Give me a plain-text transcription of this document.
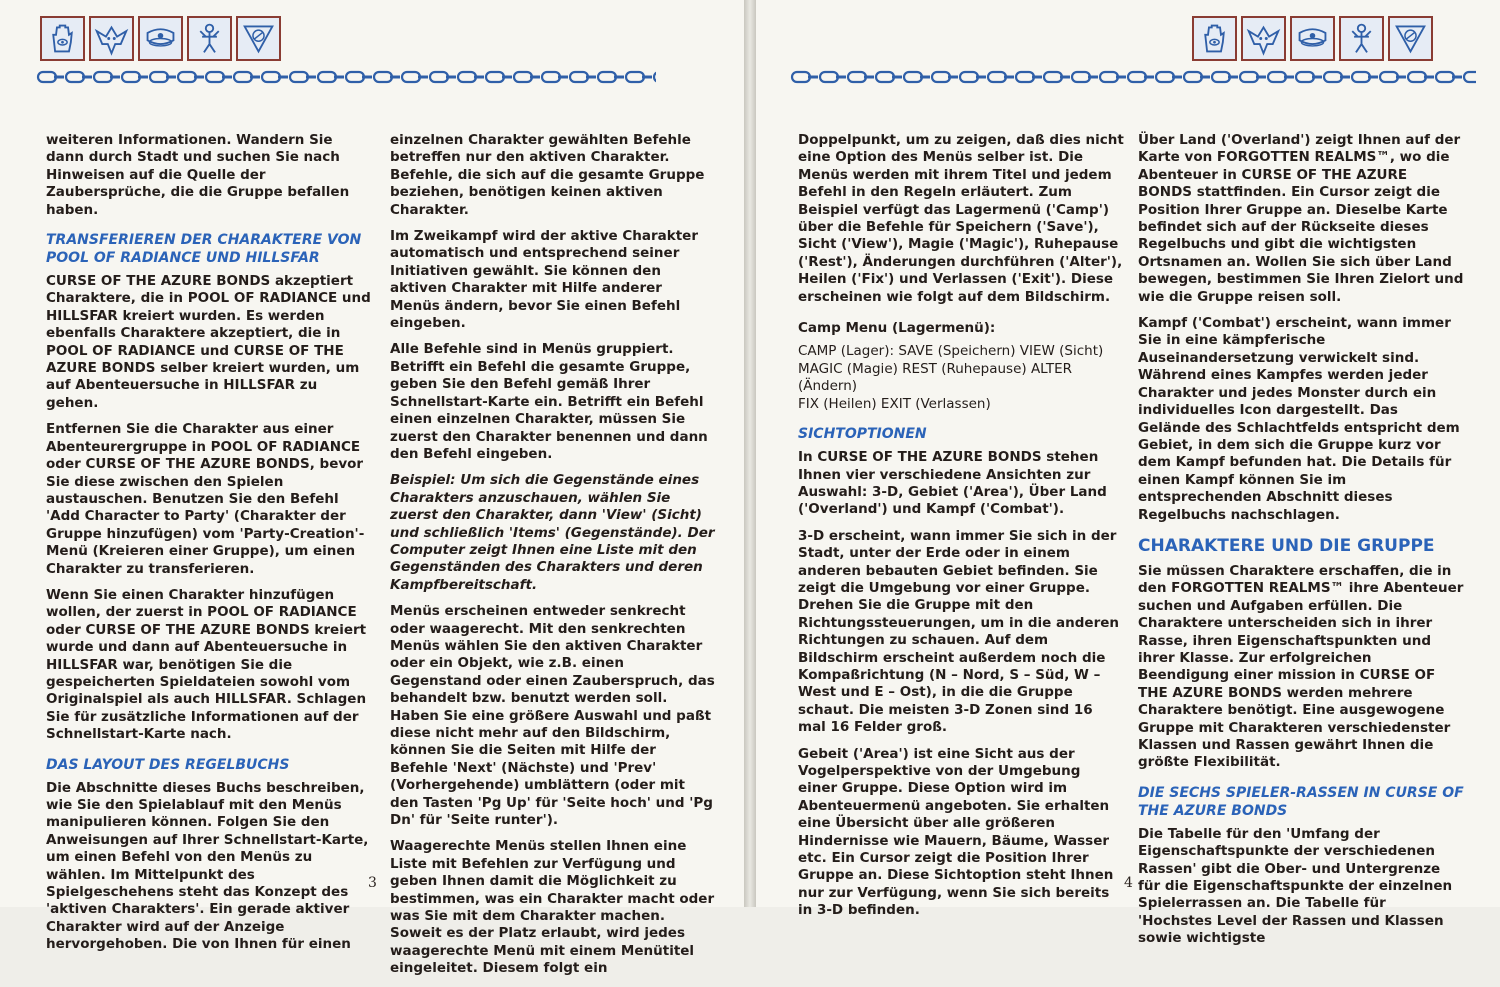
weiteren Informationen. Wandern Sie dann durch Stadt und suchen Sie nach Hinweisen auf die Quelle der Zaubersprüche, die die Gruppe befallen haben.

TRANSFERIEREN DER CHARAKTERE VON POOL OF RADIANCE UND HILLSFAR

CURSE OF THE AZURE BONDS akzeptiert Charaktere, die in POOL OF RADIANCE und HILLSFAR kreiert wurden. Es werden ebenfalls Charaktere akzeptiert, die in POOL OF RADIANCE und CURSE OF THE AZURE BONDS selber kreiert wurden, um auf Abenteuersuche in HILLSFAR zu gehen.

Entfernen Sie die Charakter aus einer Abenteurergruppe in POOL OF RADIANCE oder CURSE OF THE AZURE BONDS, bevor Sie diese zwischen den Spielen austauschen. Benutzen Sie den Befehl 'Add Character to Party' (Charakter der Gruppe hinzufügen) vom 'Party-Creation'-Menü (Kreieren einer Gruppe), um einen Charakter zu transferieren.

Wenn Sie einen Charakter hinzufügen wollen, der zuerst in POOL OF RADIANCE oder CURSE OF THE AZURE BONDS kreiert wurde und dann auf Abenteuersuche in HILLSFAR war, benötigen Sie die gespeicherten Spieldateien sowohl vom Originalspiel als auch HILLSFAR. Schlagen Sie für zusätzliche Informationen auf der Schnellstart-Karte nach.

DAS LAYOUT DES REGELBUCHS

Die Abschnitte dieses Buchs beschreiben, wie Sie den Spielablauf mit den Menüs manipulieren können. Folgen Sie den Anweisungen auf Ihrer Schnellstart-Karte, um einen Befehl von den Menüs zu wählen. Im Mittelpunkt des Spielgeschehens steht das Konzept des 'aktiven Charakters'. Ein gerade aktiver Charakter wird auf der Anzeige hervorgehoben. Die von Ihnen für einen

einzelnen Charakter gewählten Befehle betreffen nur den aktiven Charakter. Befehle, die sich auf die gesamte Gruppe beziehen, benötigen keinen aktiven Charakter.

Im Zweikampf wird der aktive Charakter automatisch und entsprechend seiner Initiativen gewählt. Sie können den aktiven Charakter mit Hilfe anderer Menüs ändern, bevor Sie einen Befehl eingeben.

Alle Befehle sind in Menüs gruppiert. Betrifft ein Befehl die gesamte Gruppe, geben Sie den Befehl gemäß Ihrer Schnellstart-Karte ein. Betrifft ein Befehl einen einzelnen Charakter, müssen Sie zuerst den Charakter benennen und dann den Befehl eingeben.

Beispiel: Um sich die Gegenstände eines Charakters anzuschauen, wählen Sie zuerst den Charakter, dann 'View' (Sicht) und schließlich 'Items' (Gegenstände). Der Computer zeigt Ihnen eine Liste mit den Gegenständen des Charakters und deren Kampfbereitschaft.

Menüs erscheinen entweder senkrecht oder waagerecht. Mit den senkrechten Menüs wählen Sie den aktiven Charakter oder ein Objekt, wie z.B. einen Gegenstand oder einen Zauberspruch, das behandelt bzw. benutzt werden soll. Haben Sie eine größere Auswahl und paßt diese nicht mehr auf den Bildschirm, können Sie die Seiten mit Hilfe der Befehle 'Next' (Nächste) und 'Prev' (Vorhergehende) umblättern (oder mit den Tasten 'Pg Up' für 'Seite hoch' und 'Pg Dn' für 'Seite runter').

Waagerechte Menüs stellen Ihnen eine Liste mit Befehlen zur Verfügung und geben Ihnen damit die Möglichkeit zu bestimmen, was ein Charakter macht oder was Sie mit dem Charakter machen. Soweit es der Platz erlaubt, wird jedes waagerechte Menü mit einem Menütitel eingeleitet. Diesem folgt ein

3

Doppelpunkt, um zu zeigen, daß dies nicht eine Option des Menüs selber ist. Die Menüs werden mit ihrem Titel und jedem Befehl in den Regeln erläutert. Zum Beispiel verfügt das Lagermenü ('Camp') über die Befehle für Speichern ('Save'), Sicht ('View'), Magie ('Magic'), Ruhepause ('Rest'), Änderungen durchführen ('Alter'), Heilen ('Fix') und Verlassen ('Exit'). Diese erscheinen wie folgt auf dem Bildschirm.

Camp Menu (Lagermenü):

CAMP (Lager): SAVE (Speichern) VIEW (Sicht)
MAGIC (Magie) REST (Ruhepause) ALTER (Ändern)
FIX (Heilen) EXIT (Verlassen)

SICHTOPTIONEN

In CURSE OF THE AZURE BONDS stehen Ihnen vier verschiedene Ansichten zur Auswahl: 3-D, Gebiet ('Area'), Über Land ('Overland') und Kampf ('Combat').

3-D erscheint, wann immer Sie sich in der Stadt, unter der Erde oder in einem anderen bebauten Gebiet befinden. Sie zeigt die Umgebung vor einer Gruppe. Drehen Sie die Gruppe mit den Richtungssteuerungen, um in die anderen Richtungen zu schauen. Auf dem Bildschirm erscheint außerdem noch die Kompaßrichtung (N – Nord, S – Süd, W – West und E – Ost), in die die Gruppe schaut. Die meisten 3-D Zonen sind 16 mal 16 Felder groß.

Gebeit ('Area') ist eine Sicht aus der Vogelperspektive von der Umgebung einer Gruppe. Diese Option wird im Abenteuermenü angeboten. Sie erhalten eine Übersicht über alle größeren Hindernisse wie Mauern, Bäume, Wasser etc. Ein Cursor zeigt die Position Ihrer Gruppe an. Diese Sichtoption steht Ihnen nur zur Verfügung, wenn Sie sich bereits in 3-D befinden.

Über Land ('Overland') zeigt Ihnen auf der Karte von FORGOTTEN REALMS™, wo die Abenteuer in CURSE OF THE AZURE BONDS stattfinden. Ein Cursor zeigt die Position Ihrer Gruppe an. Dieselbe Karte befindet sich auf der Rückseite dieses Regelbuchs und gibt die wichtigsten Ortsnamen an. Wollen Sie sich über Land bewegen, bestimmen Sie Ihren Zielort und wie die Gruppe reisen soll.

Kampf ('Combat') erscheint, wann immer Sie in eine kämpferische Auseinandersetzung verwickelt sind. Während eines Kampfes werden jeder Charakter und jedes Monster durch ein individuelles Icon dargestellt. Das Gelände des Schlachtfelds entspricht dem Gebiet, in dem sich die Gruppe kurz vor dem Kampf befunden hat. Die Details für einen Kampf können Sie im entsprechenden Abschnitt dieses Regelbuchs nachschlagen.

CHARAKTERE UND DIE GRUPPE

Sie müssen Charaktere erschaffen, die in den FORGOTTEN REALMS™ ihre Abenteuer suchen und Aufgaben erfüllen. Die Charaktere unterscheiden sich in ihrer Rasse, ihren Eigenschaftspunkten und ihrer Klasse. Zur erfolgreichen Beendigung einer mission in CURSE OF THE AZURE BONDS werden mehrere Charaktere benötigt. Eine ausgewogene Gruppe mit Charakteren verschiedenster Klassen und Rassen gewährt Ihnen die größte Flexibilität.

DIE SECHS SPIELER-RASSEN IN CURSE OF THE AZURE BONDS

Die Tabelle für den 'Umfang der Eigenschaftspunkte der verschiedenen Rassen' gibt die Ober- und Untergrenze für die Eigenschaftspunkte der einzelnen Spielerrassen an. Die Tabelle für 'Hochstes Level der Rassen und Klassen sowie wichtigste

4
